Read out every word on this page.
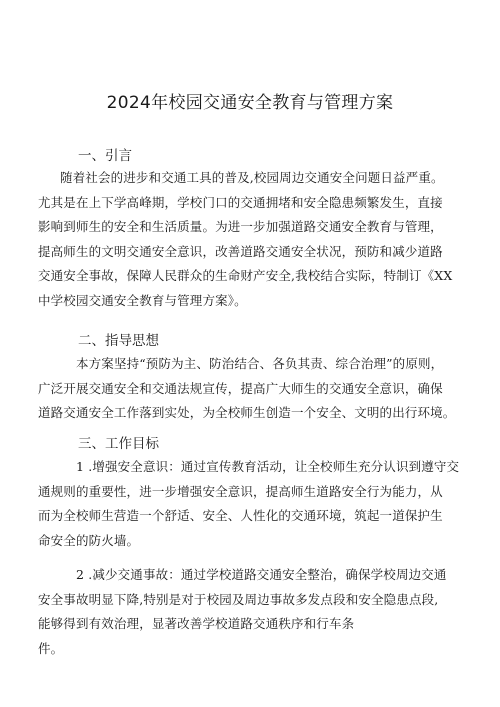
2024年校园交通安全教育与管理方案
一、引言
随着社会的进步和交通工具的普及,校园周边交通安全问题日益严重。
尤其是在上下学高峰期，学校门口的交通拥堵和安全隐患频繁发生，直接
影响到师生的安全和生活质量。为进一步加强道路交通安全教育与管理，
提高师生的文明交通安全意识，改善道路交通安全状况，预防和减少道路
交通安全事故，保障人民群众的生命财产安全,我校结合实际，特制订《XX
中学校园交通安全教育与管理方案》。
二、指导思想
本方案坚持“预防为主、防治结合、各负其责、综合治理”的原则，
广泛开展交通安全和交通法规宣传，提高广大师生的交通安全意识，确保
道路交通安全工作落到实处，为全校师生创造一个安全、文明的出行环境。
三、工作目标
1 .增强安全意识：通过宣传教育活动，让全校师生充分认识到遵守交
通规则的重要性，进一步增强安全意识，提高师生道路安全行为能力，从
而为全校师生营造一个舒适、安全、人性化的交通环境，筑起一道保护生
命安全的防火墙。
2 .减少交通事故：通过学校道路交通安全整治，确保学校周边交通
安全事故明显下降,特别是对于校园及周边事故多发点段和安全隐患点段,
能够得到有效治理，显著改善学校道路交通秩序和行车条
件。
